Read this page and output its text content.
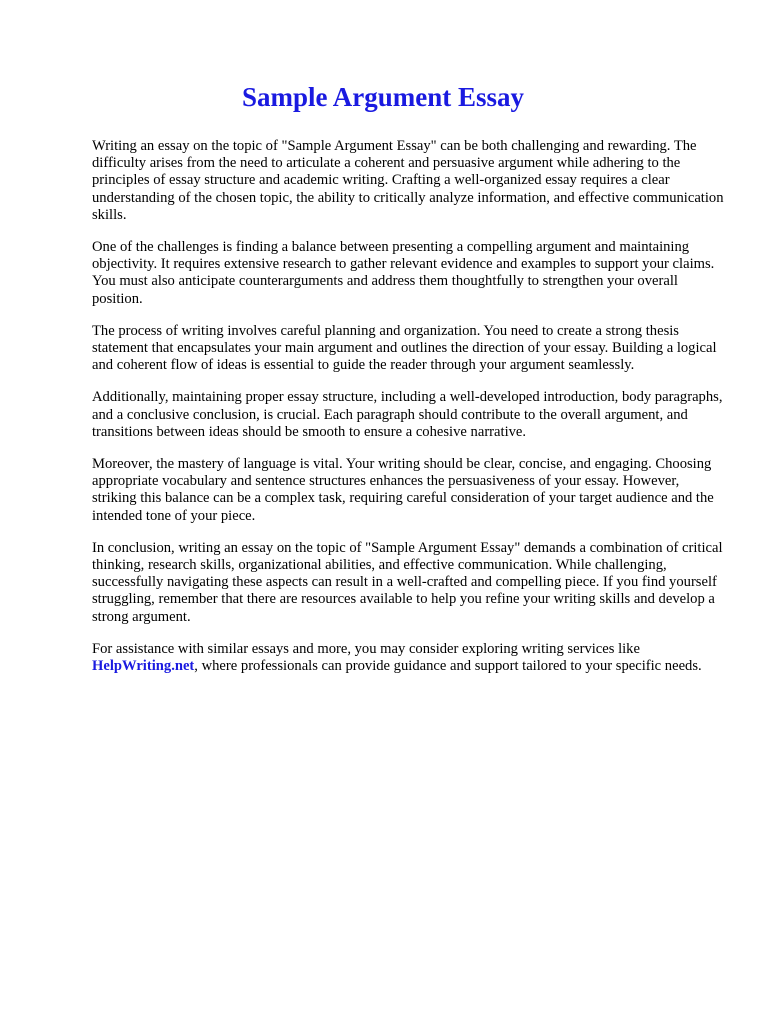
Sample Argument Essay

Writing an essay on the topic of "Sample Argument Essay" can be both challenging and rewarding. The difficulty arises from the need to articulate a coherent and persuasive argument while adhering to the principles of essay structure and academic writing. Crafting a well-organized essay requires a clear understanding of the chosen topic, the ability to critically analyze information, and effective communication skills.

One of the challenges is finding a balance between presenting a compelling argument and maintaining objectivity. It requires extensive research to gather relevant evidence and examples to support your claims. You must also anticipate counterarguments and address them thoughtfully to strengthen your overall position.

The process of writing involves careful planning and organization. You need to create a strong thesis statement that encapsulates your main argument and outlines the direction of your essay. Building a logical and coherent flow of ideas is essential to guide the reader through your argument seamlessly.

Additionally, maintaining proper essay structure, including a well-developed introduction, body paragraphs, and a conclusive conclusion, is crucial. Each paragraph should contribute to the overall argument, and transitions between ideas should be smooth to ensure a cohesive narrative.

Moreover, the mastery of language is vital. Your writing should be clear, concise, and engaging. Choosing appropriate vocabulary and sentence structures enhances the persuasiveness of your essay. However, striking this balance can be a complex task, requiring careful consideration of your target audience and the intended tone of your piece.

In conclusion, writing an essay on the topic of "Sample Argument Essay" demands a combination of critical thinking, research skills, organizational abilities, and effective communication. While challenging, successfully navigating these aspects can result in a well-crafted and compelling piece. If you find yourself struggling, remember that there are resources available to help you refine your writing skills and develop a strong argument.

For assistance with similar essays and more, you may consider exploring writing services like HelpWriting.net, where professionals can provide guidance and support tailored to your specific needs.
